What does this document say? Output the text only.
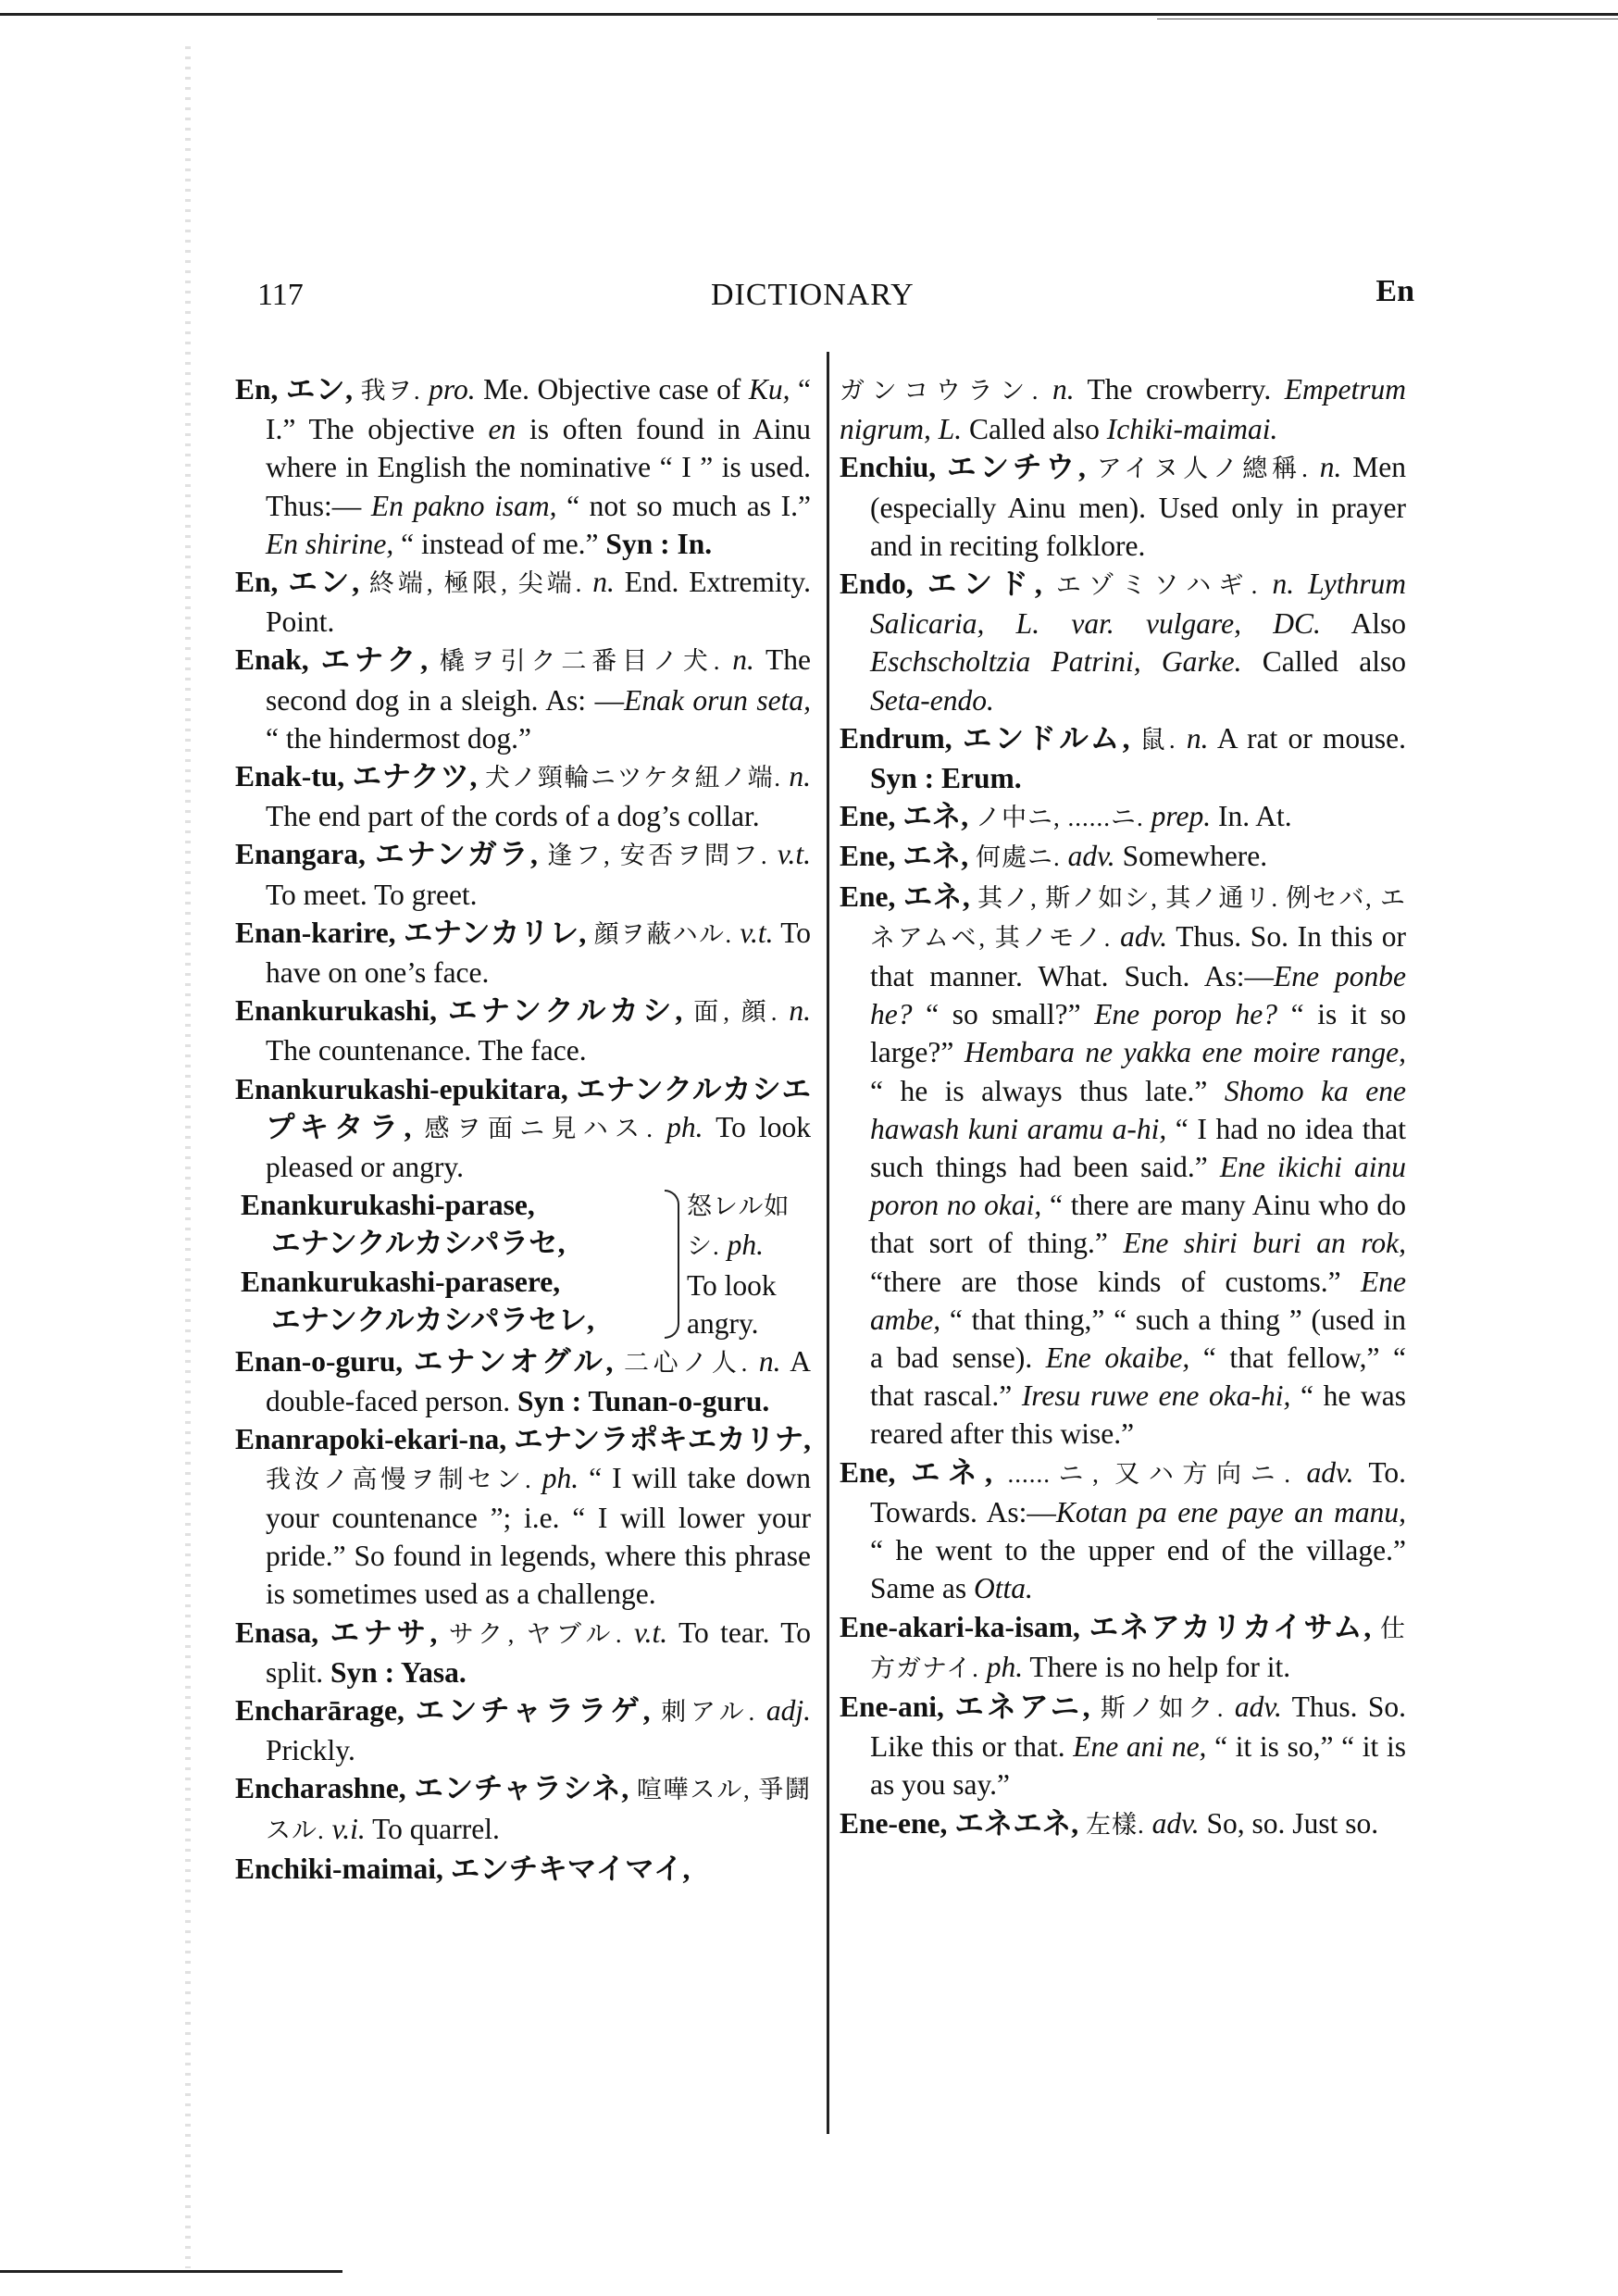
117	DICTIONARY	En

En, エン, 我ヲ. pro. Me. Objective case of Ku, “ I.” The objective en is often found in Ainu where in English the nominative “ I ” is used. Thus:— En pakno isam, “ not so much as I.” En shirine, “ instead of me.” Syn : In.

En, エン, 終端, 極限, 尖端. n. End. Extremity. Point.

Enak, エナク, 橇ヲ引ク二番目ノ犬. n. The second dog in a sleigh. As: —Enak orun seta, “ the hindermost dog.”

Enak-tu, エナクツ, 犬ノ頸輪ニツケタ紐ノ端. n. The end part of the cords of a dog’s collar.

Enangara, エナンガラ, 逢フ, 安否ヲ問フ. v.t. To meet. To greet.

Enan-karire, エナンカリレ, 顔ヲ蔽ハル. v.t. To have on one’s face.

Enankurukashi, エナンクルカシ, 面, 顔. n. The countenance. The face.

Enankurukashi-epukitara, エナンクルカシエプキタラ, 感ヲ面ニ見ハス. ph. To look pleased or angry.

Enankurukashi-parase,

エナンクルカシパラセ,

Enankurukashi-parasere,

エナンクルカシパラセレ,

怒レル如シ. ph.

To look angry.

Enan-o-guru, エナンオグル, 二心ノ人. n. A double-faced person. Syn : Tunan-o-guru.

Enanrapoki-ekari-na, エナンラポキエカリナ, 我汝ノ高慢ヲ制セン. ph. “ I will take down your countenance ”; i.e. “ I will lower your pride.” So found in legends, where this phrase is sometimes used as a challenge.

Enasa, エナサ, サク, ヤブル. v.t. To tear. To split. Syn : Yasa.

Encharārage, エンチャララゲ, 刺アル. adj. Prickly.

Encharashne, エンチャラシネ, 喧嘩スル, 爭鬪スル. v.i. To quarrel.

Enchiki-maimai, エンチキマイマイ,

ガンコウラン. n. The crowberry. Empetrum nigrum, L. Called also Ichiki-maimai.

Enchiu, エンチウ, アイヌ人ノ總稱. n. Men (especially Ainu men). Used only in prayer and in reciting folklore.

Endo, エンド, エゾミソハギ. n. Lythrum Salicaria, L. var. vulgare, DC. Also Eschscholtzia Patrini, Garke. Called also Seta-endo.

Endrum, エンドルム, 鼠. n. A rat or mouse. Syn : Erum.

Ene, エネ, ノ中ニ, ......ニ. prep. In. At.

Ene, エネ, 何處ニ. adv. Somewhere.

Ene, エネ, 其ノ, 斯ノ如シ, 其ノ通リ. 例セバ, エネアムベ, 其ノモノ. adv. Thus. So. In this or that manner. What. Such. As:—Ene ponbe he? “ so small?” Ene porop he? “ is it so large?” Hembara ne yakka ene moire range, “ he is always thus late.” Shomo ka ene hawash kuni aramu a-hi, “ I had no idea that such things had been said.” Ene ikichi ainu poron no okai, “ there are many Ainu who do that sort of thing.” Ene shiri buri an rok, “there are those kinds of customs.” Ene ambe, “ that thing,” “ such a thing ” (used in a bad sense). Ene okaibe, “ that fellow,” “ that rascal.” Iresu ruwe ene oka-hi, “ he was reared after this wise.”

Ene, エネ, ......ニ, 又ハ方向ニ. adv. To. Towards. As:—Kotan pa ene paye an manu, “ he went to the upper end of the village.” Same as Otta.

Ene-akari-ka-isam, エネアカリカイサム, 仕方ガナイ. ph. There is no help for it.

Ene-ani, エネアニ, 斯ノ如ク. adv. Thus. So. Like this or that. Ene ani ne, “ it is so,” “ it is as you say.”

Ene-ene, エネエネ, 左樣. adv. So, so. Just so.
